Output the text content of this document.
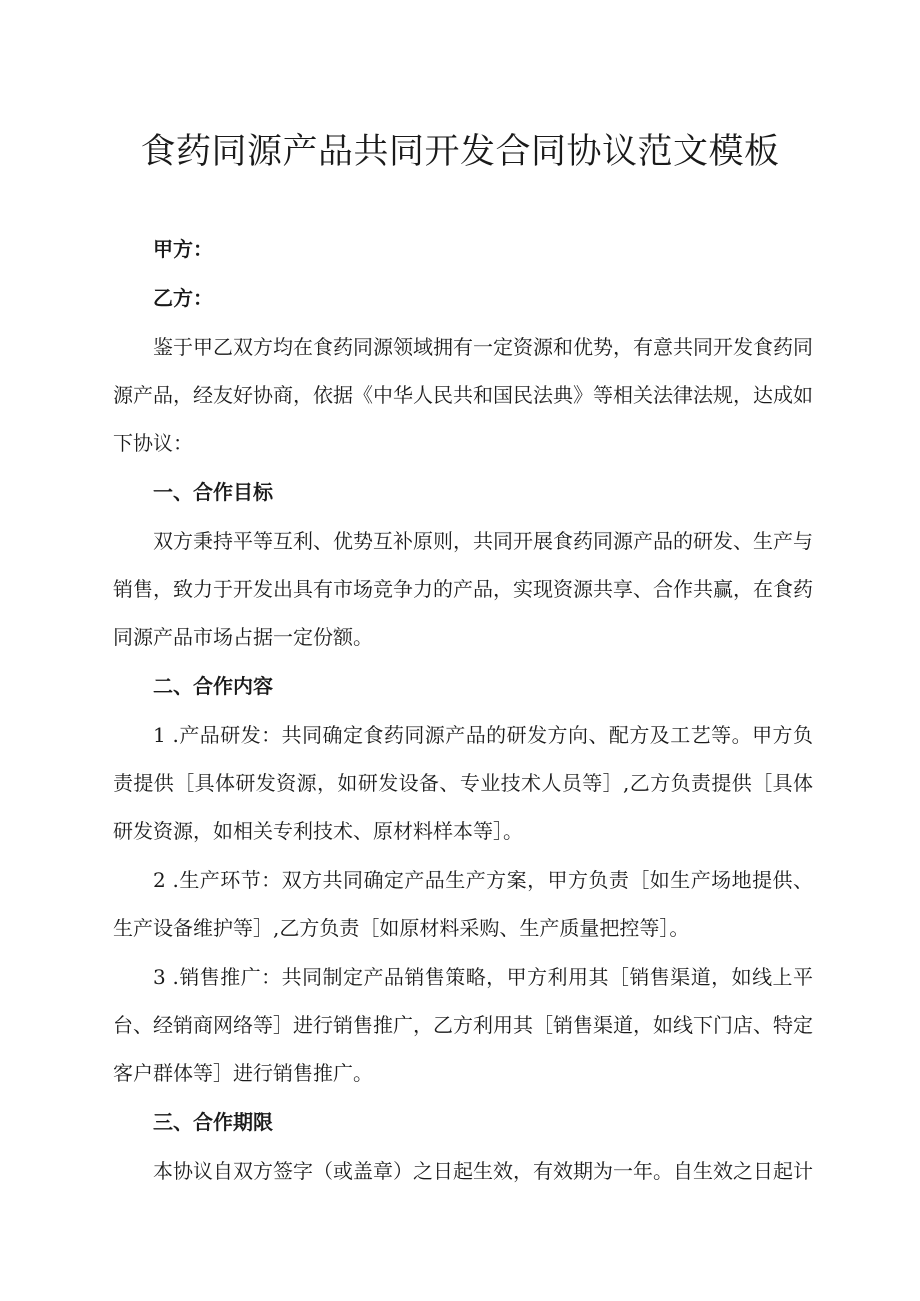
食药同源产品共同开发合同协议范文模板

甲方：

乙方：

鉴于甲乙双方均在食药同源领域拥有一定资源和优势，有意共同开发食药同源产品，经友好协商，依据《中华人民共和国民法典》等相关法律法规，达成如下协议：

一、合作目标

双方秉持平等互利、优势互补原则，共同开展食药同源产品的研发、生产与销售，致力于开发出具有市场竞争力的产品，实现资源共享、合作共赢，在食药同源产品市场占据一定份额。

二、合作内容

1 .产品研发：共同确定食药同源产品的研发方向、配方及工艺等。甲方负责提供［具体研发资源，如研发设备、专业技术人员等］,乙方负责提供［具体研发资源，如相关专利技术、原材料样本等］。

2 .生产环节：双方共同确定产品生产方案，甲方负责［如生产场地提供、生产设备维护等］,乙方负责［如原材料采购、生产质量把控等］。

3 .销售推广：共同制定产品销售策略，甲方利用其［销售渠道，如线上平台、经销商网络等］进行销售推广，乙方利用其［销售渠道，如线下门店、特定客户群体等］进行销售推广。

三、合作期限

本协议自双方签字（或盖章）之日起生效，有效期为一年。自生效之日起计
